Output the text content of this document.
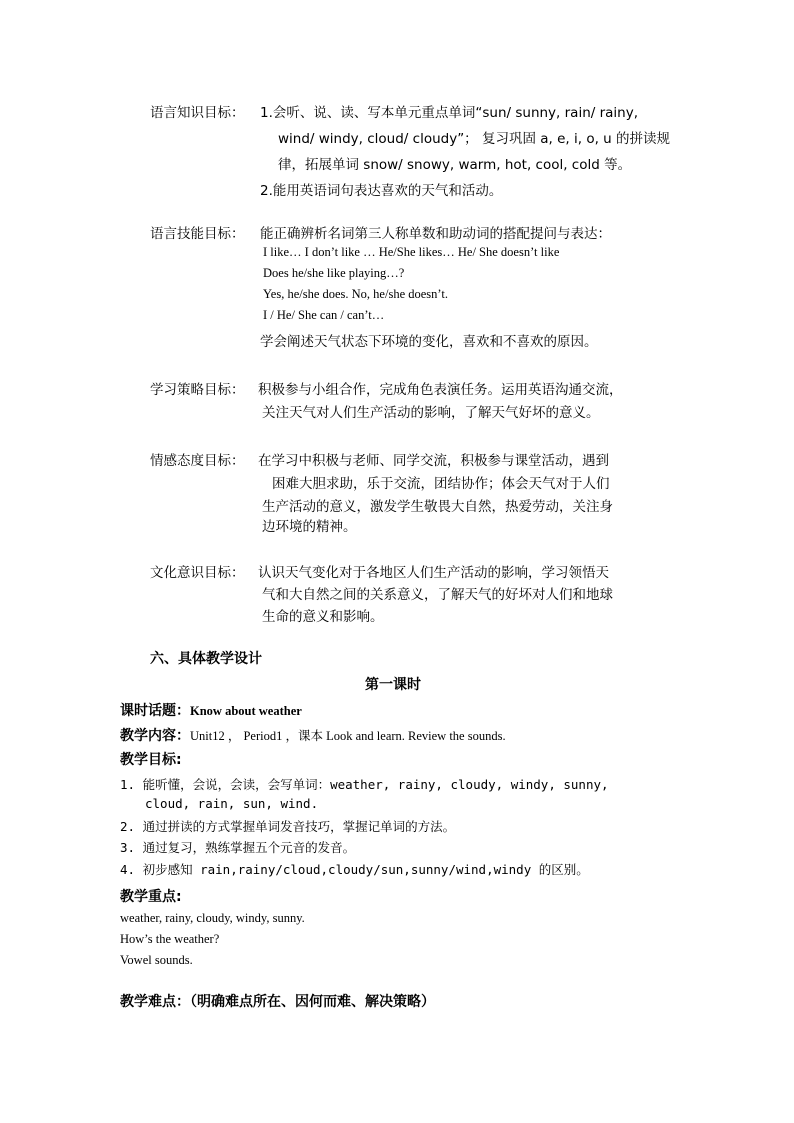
语言知识目标： 1.会听、说、读、写本单元重点单词“sun/ sunny, rain/ rainy,
wind/ windy, cloud/ cloudy”； 复习巩固 a, e, i, o, u 的拼读规
律，拓展单词 snow/ snowy, warm, hot, cool, cold 等。
2.能用英语词句表达喜欢的天气和活动。
语言技能目标： 能正确辨析名词第三人称单数和助动词的搭配提问与表达：
I like… I don’t like … He/She likes… He/ She doesn’t like
Does he/she like playing…?
Yes, he/she does. No, he/she doesn’t.
I / He/ She can / can’t…
学会阐述天气状态下环境的变化，喜欢和不喜欢的原因。
学习策略目标： 积极参与小组合作，完成角色表演任务。运用英语沟通交流，
关注天气对人们生产活动的影响，了解天气好坏的意义。
情感态度目标： 在学习中积极与老师、同学交流，积极参与课堂活动，遇到
困难大胆求助，乐于交流，团结协作；体会天气对于人们
生产活动的意义，激发学生敬畏大自然，热爱劳动，关注身
边环境的精神。
文化意识目标： 认识天气变化对于各地区人们生产活动的影响，学习领悟天
气和大自然之间的关系意义，了解天气的好坏对人们和地球
生命的意义和影响。
六、具体教学设计
第一课时
课时话题：Know about weather
教学内容：Unit12 ， Period1 ，课本 Look and learn. Review the sounds.
教学目标:
1. 能听懂，会说，会读，会写单词：weather, rainy, cloudy, windy, sunny,
cloud, rain, sun, wind.
2. 通过拼读的方式掌握单词发音技巧，掌握记单词的方法。
3. 通过复习，熟练掌握五个元音的发音。
4. 初步感知 rain,rainy/cloud,cloudy/sun,sunny/wind,windy 的区别。
教学重点:
weather, rainy, cloudy, windy, sunny.
How’s the weather?
Vowel sounds.
教学难点：（明确难点所在、因何而难、解决策略）
